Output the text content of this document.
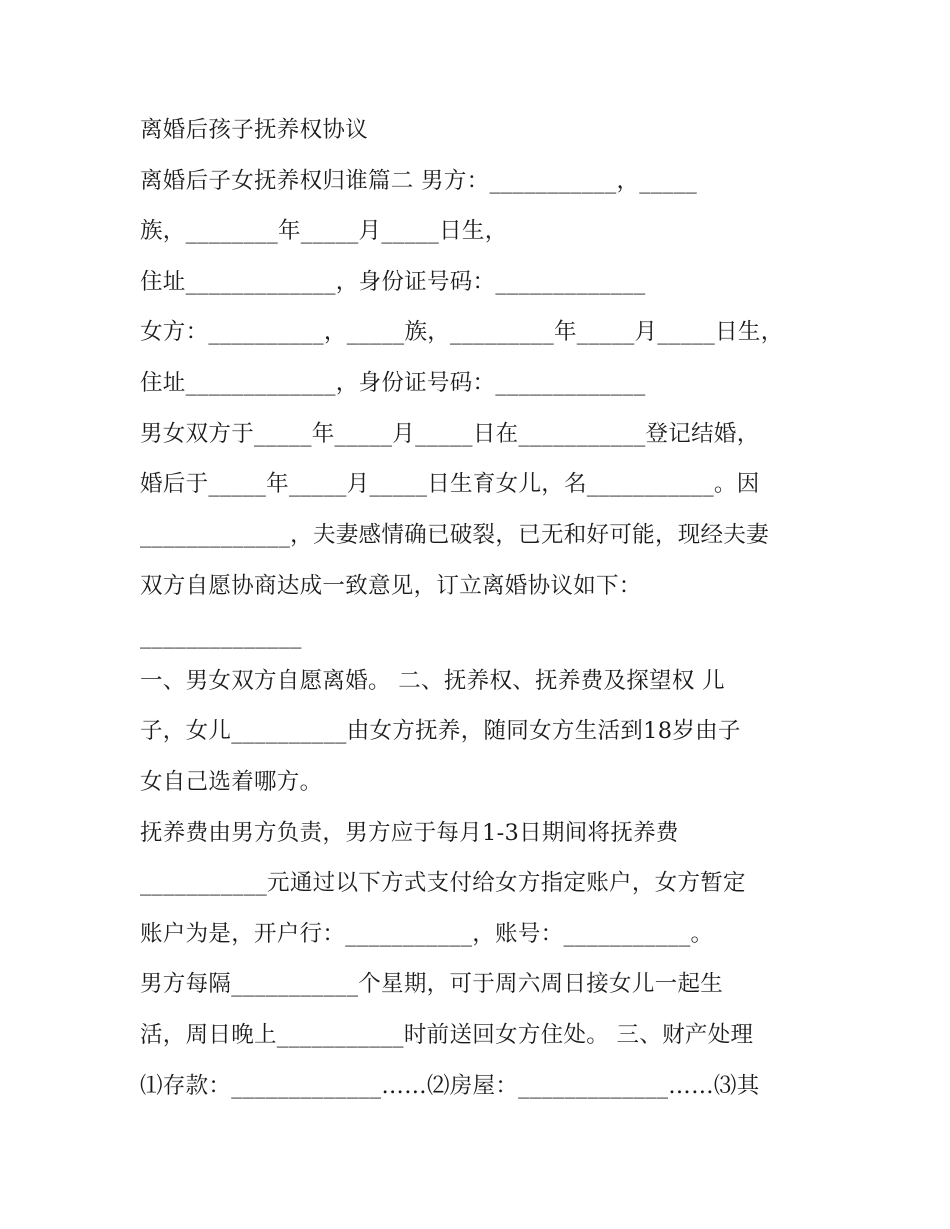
离婚后孩子抚养权协议
离婚后子女抚养权归谁篇二 男方：___________，_____
族，________年_____月_____日生，
住址_____________，身份证号码：_____________
女方：__________，_____族，_________年_____月_____日生，
住址_____________，身份证号码：_____________
男女双方于_____年_____月_____日在___________登记结婚，
婚后于_____年_____月_____日生育女儿，名___________。因
_____________，夫妻感情确已破裂，已无和好可能，现经夫妻
双方自愿协商达成一致意见，订立离婚协议如下：
______________
一、男女双方自愿离婚。 二、抚养权、抚养费及探望权 儿
子，女儿__________由女方抚养，随同女方生活到18岁由子
女自己选着哪方。
抚养费由男方负责，男方应于每月1-3日期间将抚养费
___________元通过以下方式支付给女方指定账户，女方暂定
账户为是，开户行：___________，账号：___________。
男方每隔___________个星期，可于周六周日接女儿一起生
活，周日晚上___________时前送回女方住处。 三、财产处理
⑴存款：_____________……⑵房屋：_____________……⑶其
